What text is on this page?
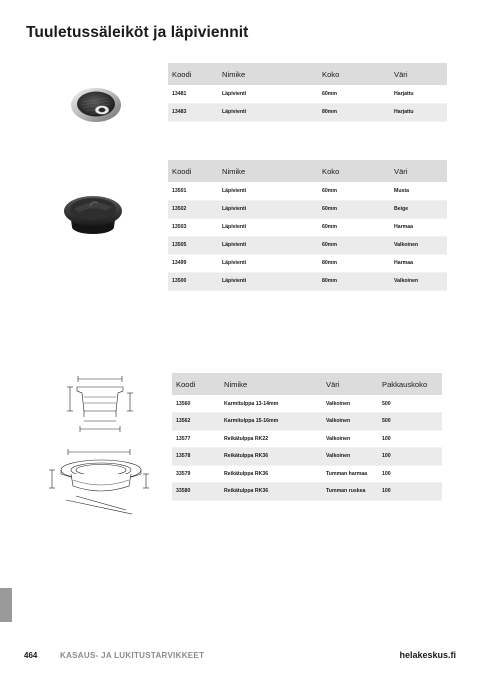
Tuuletussäleiköt ja läpiviennit
Koodi	Nimike	Koko	Väri
13481	Läpivienti	60mm	Harjattu
13483	Läpivienti	80mm	Harjattu
Koodi	Nimike	Koko	Väri
13501	Läpivienti	60mm	Musta
13502	Läpivienti	60mm	Beige
13503	Läpivienti	60mm	Harmaa
13505	Läpivienti	60mm	Valkoinen
13499	Läpivienti	80mm	Harmaa
13500	Läpivienti	80mm	Valkoinen
Koodi	Nimike	Väri	Pakkauskoko
13560	Karmitulppa 13-14mm	Valkoinen	500
13562	Karmitulppa 15-16mm	Valkoinen	500
13577	Reikätulppa RK22	Valkoinen	100
13578	Reikätulppa RK36	Valkoinen	100
33579	Reikätulppa RK36	Tumman harmaa	100
33580	Reikätulppa RK36	Tumman ruskea	100
464	KASAUS- JA LUKITUSTARVIKKEET	helakeskus.fi
